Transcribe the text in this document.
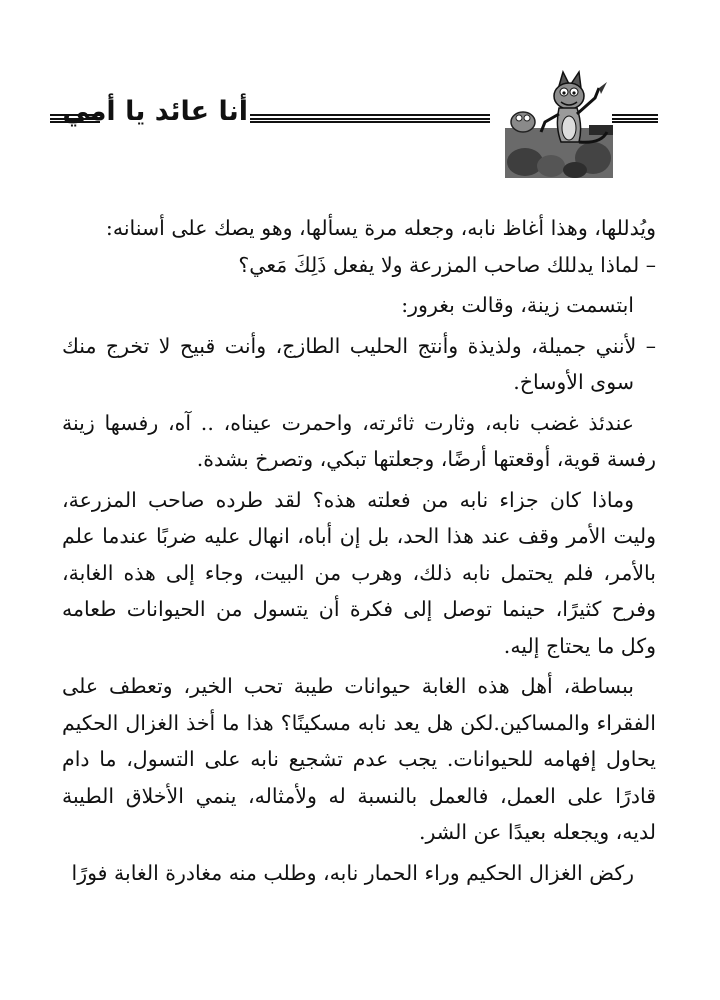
أنا عائد يا أمي

ويُدللها، وهذا أغاظ نابه، وجعله مرة يسألها، وهو يصك على أسنانه:

– لماذا يدللك صاحب المزرعة ولا يفعل ذَلِكَ مَعي؟

ابتسمت زينة، وقالت بغرور:

– لأنني جميلة، ولذيذة وأنتج الحليب الطازج، وأنت قبيح لا تخرج منك سوى الأوساخ.

عندئذ غضب نابه، وثارت ثائرته، واحمرت عيناه، .. آه، رفسها زينة رفسة قوية، أوقعتها أرضًا، وجعلتها تبكي، وتصرخ بشدة.

وماذا كان جزاء نابه من فعلته هذه؟ لقد طرده صاحب المزرعة، وليت الأمر وقف عند هذا الحد، بل إن أباه، انهال عليه ضربًا عندما علم بالأمر، فلم يحتمل نابه ذلك، وهرب من البيت، وجاء إلى هذه الغابة، وفرح كثيرًا، حينما توصل إلى فكرة أن يتسول من الحيوانات طعامه وكل ما يحتاج إليه.

ببساطة، أهل هذه الغابة حيوانات طيبة تحب الخير، وتعطف على الفقراء والمساكين.لكن هل يعد نابه مسكينًا؟ هذا ما أخذ الغزال الحكيم يحاول إفهامه للحيوانات. يجب عدم تشجيع نابه على التسول، ما دام قادرًا على العمل، فالعمل بالنسبة له ولأمثاله، ينمي الأخلاق الطيبة لديه، ويجعله بعيدًا عن الشر.

ركض الغزال الحكيم وراء الحمار نابه، وطلب منه مغادرة الغابة فورًا
